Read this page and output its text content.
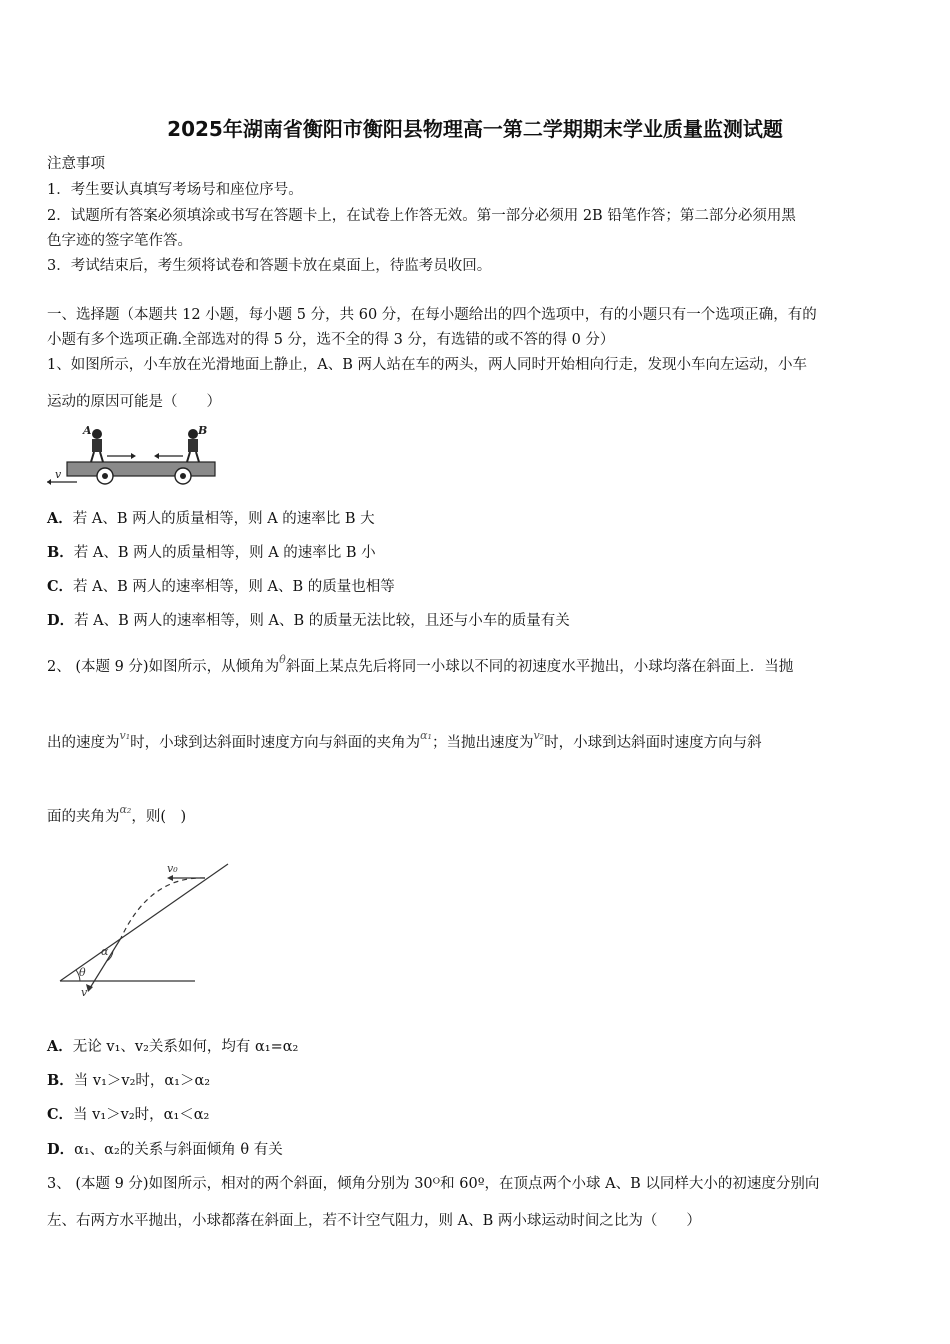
2025年湖南省衡阳市衡阳县物理高一第二学期期末学业质量监测试题
注意事项
1．考生要认真填写考场号和座位序号。
2．试题所有答案必须填涂或书写在答题卡上，在试卷上作答无效。第一部分必须用 2B 铅笔作答；第二部分必须用黑
色字迹的签字笔作答。
3．考试结束后，考生须将试卷和答题卡放在桌面上，待监考员收回。
一、选择题（本题共 12 小题，每小题 5 分，共 60 分，在每小题给出的四个选项中，有的小题只有一个选项正确，有的
小题有多个选项正确.全部选对的得 5 分，选不全的得 3 分，有选错的或不答的得 0 分）
1、如图所示，小车放在光滑地面上静止，A、B 两人站在车的两头，两人同时开始相向行走，发现小车向左运动，小车
运动的原因可能是（　　）
A	B
v
A．若 A、B 两人的质量相等，则 A 的速率比 B 大
B．若 A、B 两人的质量相等，则 A 的速率比 B 小
C．若 A、B 两人的速率相等，则 A、B 的质量也相等
D．若 A、B 两人的速率相等，则 A、B 的质量无法比较，且还与小车的质量有关
2、 (本题 9 分)如图所示，从倾角为$^\theta$斜面上某点先后将同一小球以不同的初速度水平抛出，小球均落在斜面上．当抛
出的速度为$^{v_1}$时，小球到达斜面时速度方向与斜面的夹角为$^{\alpha_1}$；当抛出速度为$^{v_2}$时，小球到达斜面时速度方向与斜
面的夹角为$^{\alpha_2}$，则(　)
v₀
α
θ
v
A．无论 v₁、v₂关系如何，均有 α₁=α₂
B．当 v₁＞v₂时，α₁＞α₂
C．当 v₁＞v₂时，α₁＜α₂
D．α₁、α₂的关系与斜面倾角 θ 有关
3、 (本题 9 分)如图所示，相对的两个斜面，倾角分别为 30ᴼ和 60º，在顶点两个小球 A、B 以同样大小的初速度分别向
左、右两方水平抛出，小球都落在斜面上，若不计空气阻力，则 A、B 两小球运动时间之比为（　　）
